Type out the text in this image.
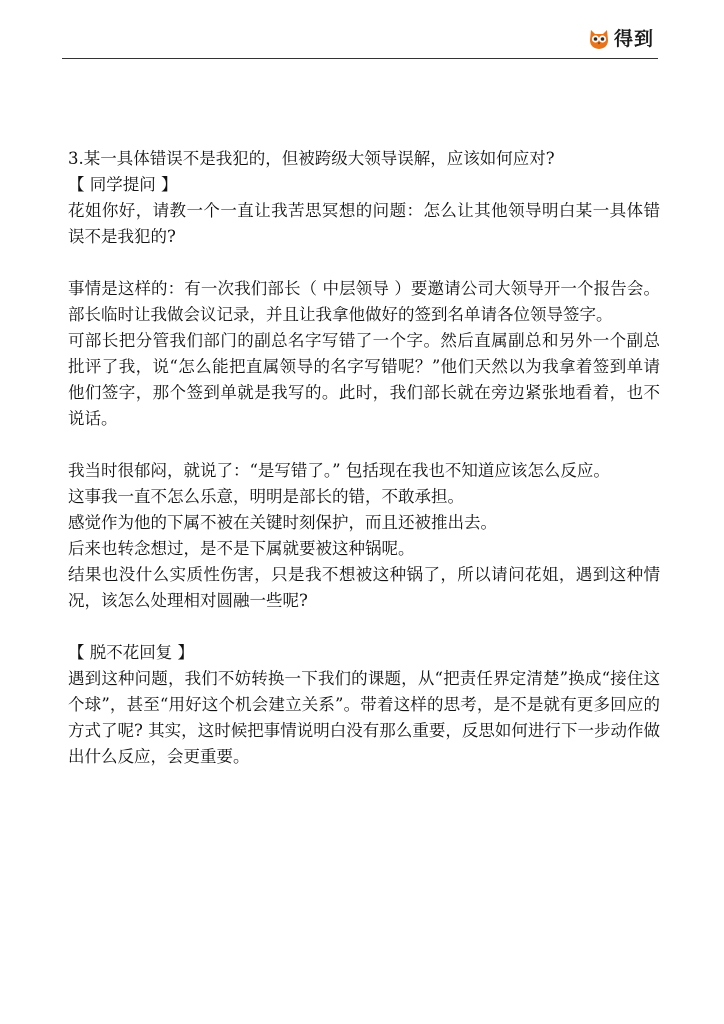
得到

3.某一具体错误不是我犯的，但被跨级大领导误解，应该如何应对?

【 同学提问 】

花姐你好，请教一个一直让我苦思冥想的问题：怎么让其他领导明白某一具体错误不是我犯的?

事情是这样的：有一次我们部长（ 中层领导 ）要邀请公司大领导开一个报告会。部长临时让我做会议记录，并且让我拿他做好的签到名单请各位领导签字。

可部长把分管我们部门的副总名字写错了一个字。然后直属副总和另外一个副总批评了我，说“怎么能把直属领导的名字写错呢？”他们天然以为我拿着签到单请他们签字，那个签到单就是我写的。此时，我们部长就在旁边紧张地看着，也不说话。

我当时很郁闷，就说了：“是写错了。” 包括现在我也不知道应该怎么反应。

这事我一直不怎么乐意，明明是部长的错，不敢承担。

感觉作为他的下属不被在关键时刻保护，而且还被推出去。

后来也转念想过，是不是下属就要被这种锅呢。

结果也没什么实质性伤害，只是我不想被这种锅了，所以请问花姐，遇到这种情况，该怎么处理相对圆融一些呢?

【 脱不花回复 】

遇到这种问题，我们不妨转换一下我们的课题，从“把责任界定清楚”换成“接住这个球”，甚至“用好这个机会建立关系”。带着这样的思考，是不是就有更多回应的方式了呢? 其实，这时候把事情说明白没有那么重要，反思如何进行下一步动作做出什么反应，会更重要。
